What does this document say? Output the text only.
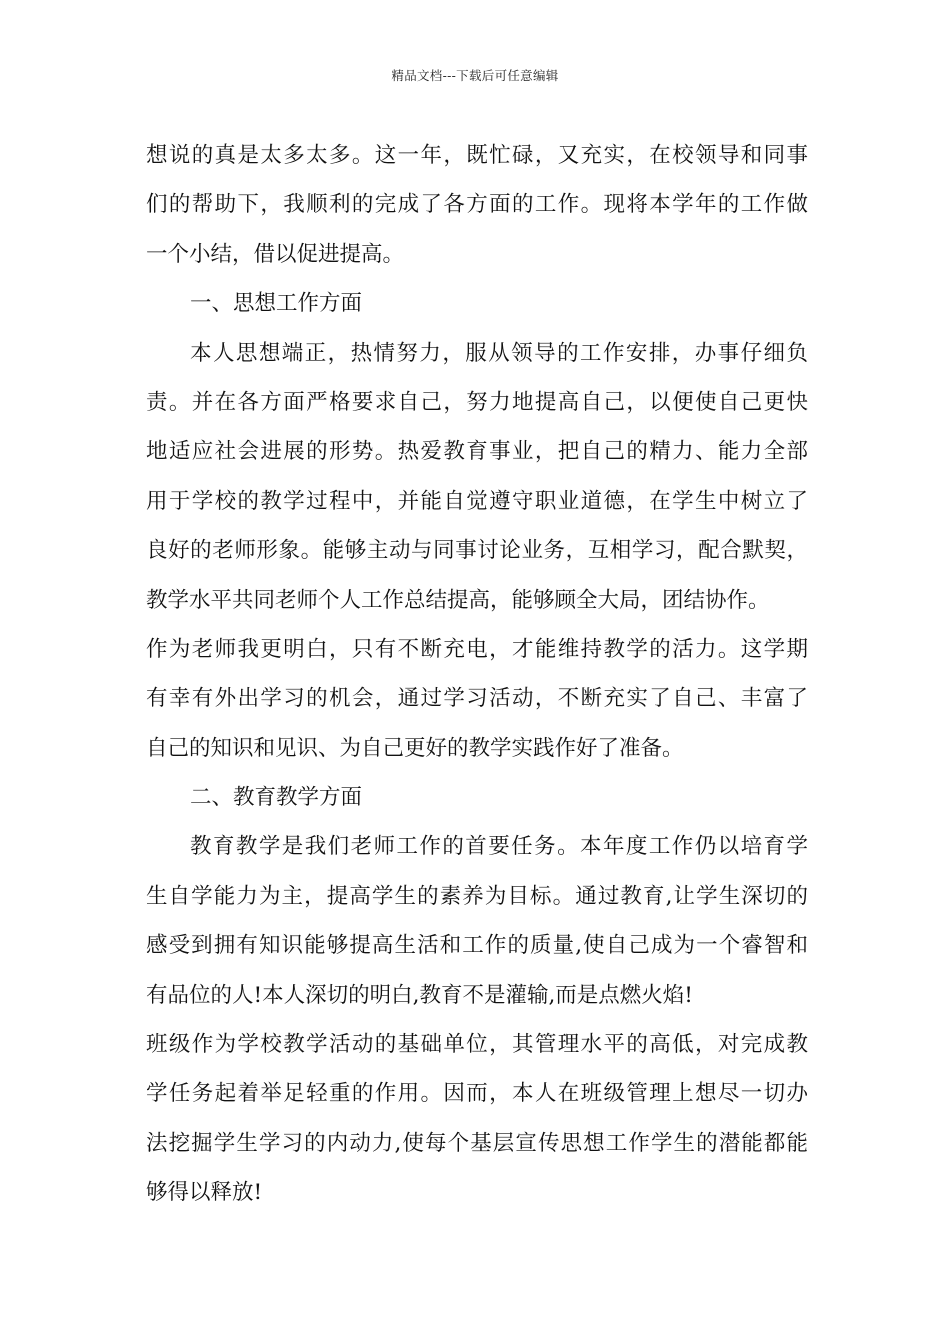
精品文档---下载后可任意编辑
想说的真是太多太多。这一年，既忙碌，又充实，在校领导和同事
们的帮助下，我顺利的完成了各方面的工作。现将本学年的工作做
一个小结，借以促进提高。
一、思想工作方面
本人思想端正，热情努力，服从领导的工作安排，办事仔细负
责。并在各方面严格要求自己，努力地提高自己，以便使自己更快
地适应社会进展的形势。热爱教育事业，把自己的精力、能力全部
用于学校的教学过程中，并能自觉遵守职业道德，在学生中树立了
良好的老师形象。能够主动与同事讨论业务，互相学习，配合默契，
教学水平共同老师个人工作总结提高，能够顾全大局，团结协作。
作为老师我更明白，只有不断充电，才能维持教学的活力。这学期
有幸有外出学习的机会，通过学习活动，不断充实了自己、丰富了
自己的知识和见识、为自己更好的教学实践作好了准备。
二、教育教学方面
教育教学是我们老师工作的首要任务。本年度工作仍以培育学
生自学能力为主，提高学生的素养为目标。通过教育,让学生深切的
感受到拥有知识能够提高生活和工作的质量,使自己成为一个睿智和
有品位的人!本人深切的明白,教育不是灌输,而是点燃火焰!
班级作为学校教学活动的基础单位，其管理水平的高低，对完成教
学任务起着举足轻重的作用。因而，本人在班级管理上想尽一切办
法挖掘学生学习的内动力,使每个基层宣传思想工作学生的潜能都能
够得以释放!
